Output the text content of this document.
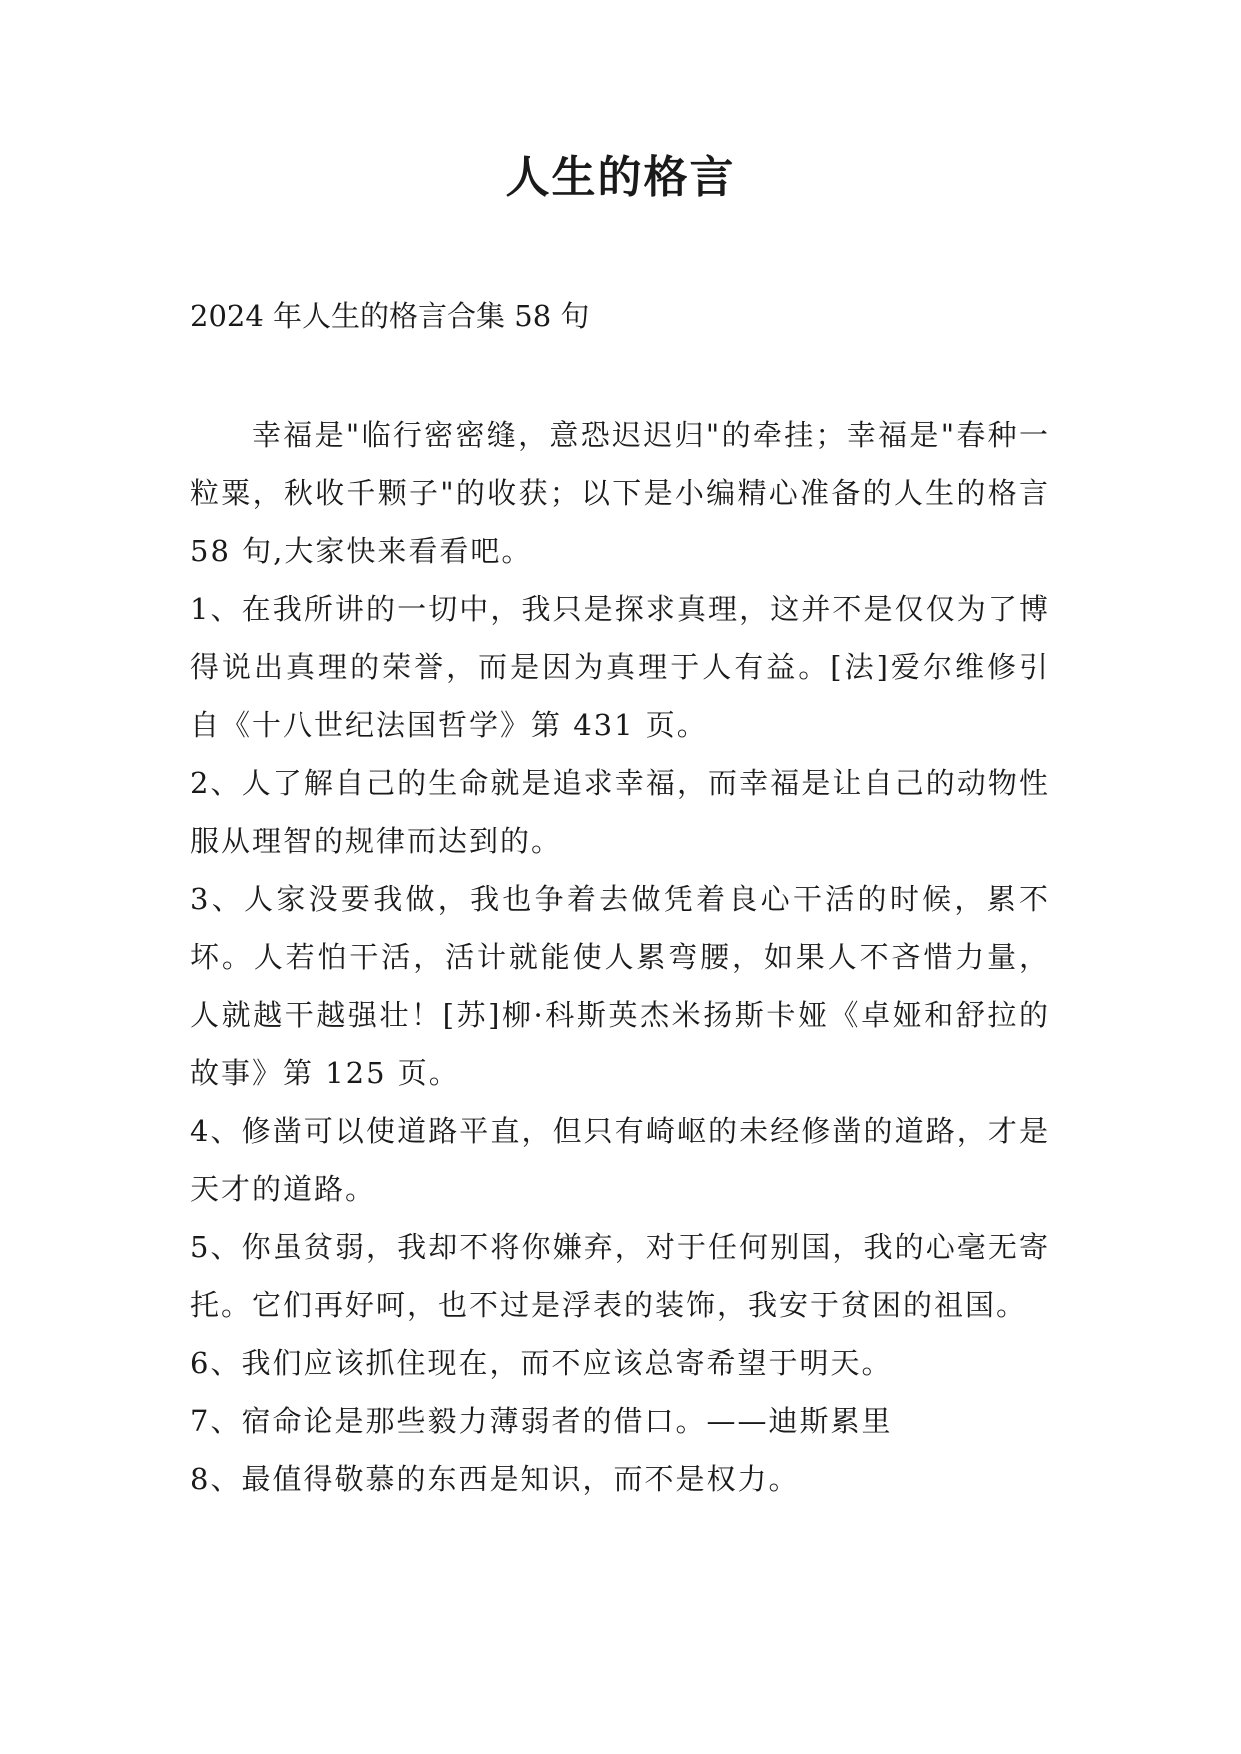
人生的格言

2024 年人生的格言合集 58 句

幸福是"临行密密缝，意恐迟迟归"的牵挂；幸福是"春种一粒粟，秋收千颗子"的收获；以下是小编精心准备的人生的格言 58 句,大家快来看看吧。

1、在我所讲的一切中，我只是探求真理，这并不是仅仅为了博得说出真理的荣誉，而是因为真理于人有益。[法]爱尔维修引自《十八世纪法国哲学》第 431 页。

2、人了解自己的生命就是追求幸福，而幸福是让自己的动物性服从理智的规律而达到的。

3、人家没要我做，我也争着去做凭着良心干活的时候，累不坏。人若怕干活，活计就能使人累弯腰，如果人不吝惜力量，人就越干越强壮！[苏]柳·科斯英杰米扬斯卡娅《卓娅和舒拉的故事》第 125 页。

4、修凿可以使道路平直，但只有崎岖的未经修凿的道路，才是天才的道路。

5、你虽贫弱，我却不将你嫌弃，对于任何别国，我的心毫无寄托。它们再好呵，也不过是浮表的装饰，我安于贫困的祖国。

6、我们应该抓住现在，而不应该总寄希望于明天。

7、宿命论是那些毅力薄弱者的借口。——迪斯累里

8、最值得敬慕的东西是知识，而不是权力。
